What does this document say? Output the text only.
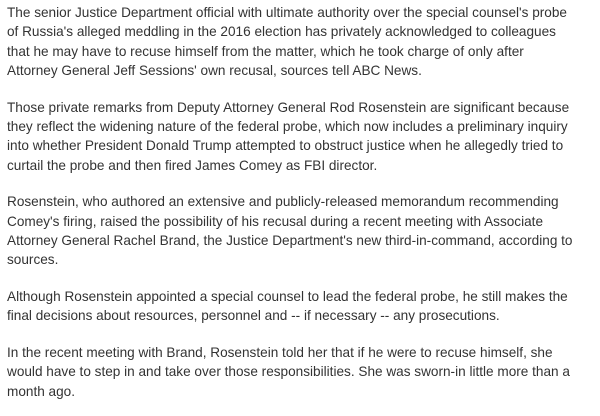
The senior Justice Department official with ultimate authority over the special counsel's probe
of Russia's alleged meddling in the 2016 election has privately acknowledged to colleagues
that he may have to recuse himself from the matter, which he took charge of only after
Attorney General Jeff Sessions' own recusal, sources tell ABC News.

Those private remarks from Deputy Attorney General Rod Rosenstein are significant because
they reflect the widening nature of the federal probe, which now includes a preliminary inquiry
into whether President Donald Trump attempted to obstruct justice when he allegedly tried to
curtail the probe and then fired James Comey as FBI director.

Rosenstein, who authored an extensive and publicly-released memorandum recommending
Comey's firing, raised the possibility of his recusal during a recent meeting with Associate
Attorney General Rachel Brand, the Justice Department's new third-in-command, according to
sources.

Although Rosenstein appointed a special counsel to lead the federal probe, he still makes the
final decisions about resources, personnel and -- if necessary -- any prosecutions.

In the recent meeting with Brand, Rosenstein told her that if he were to recuse himself, she
would have to step in and take over those responsibilities. She was sworn-in little more than a
month ago.
